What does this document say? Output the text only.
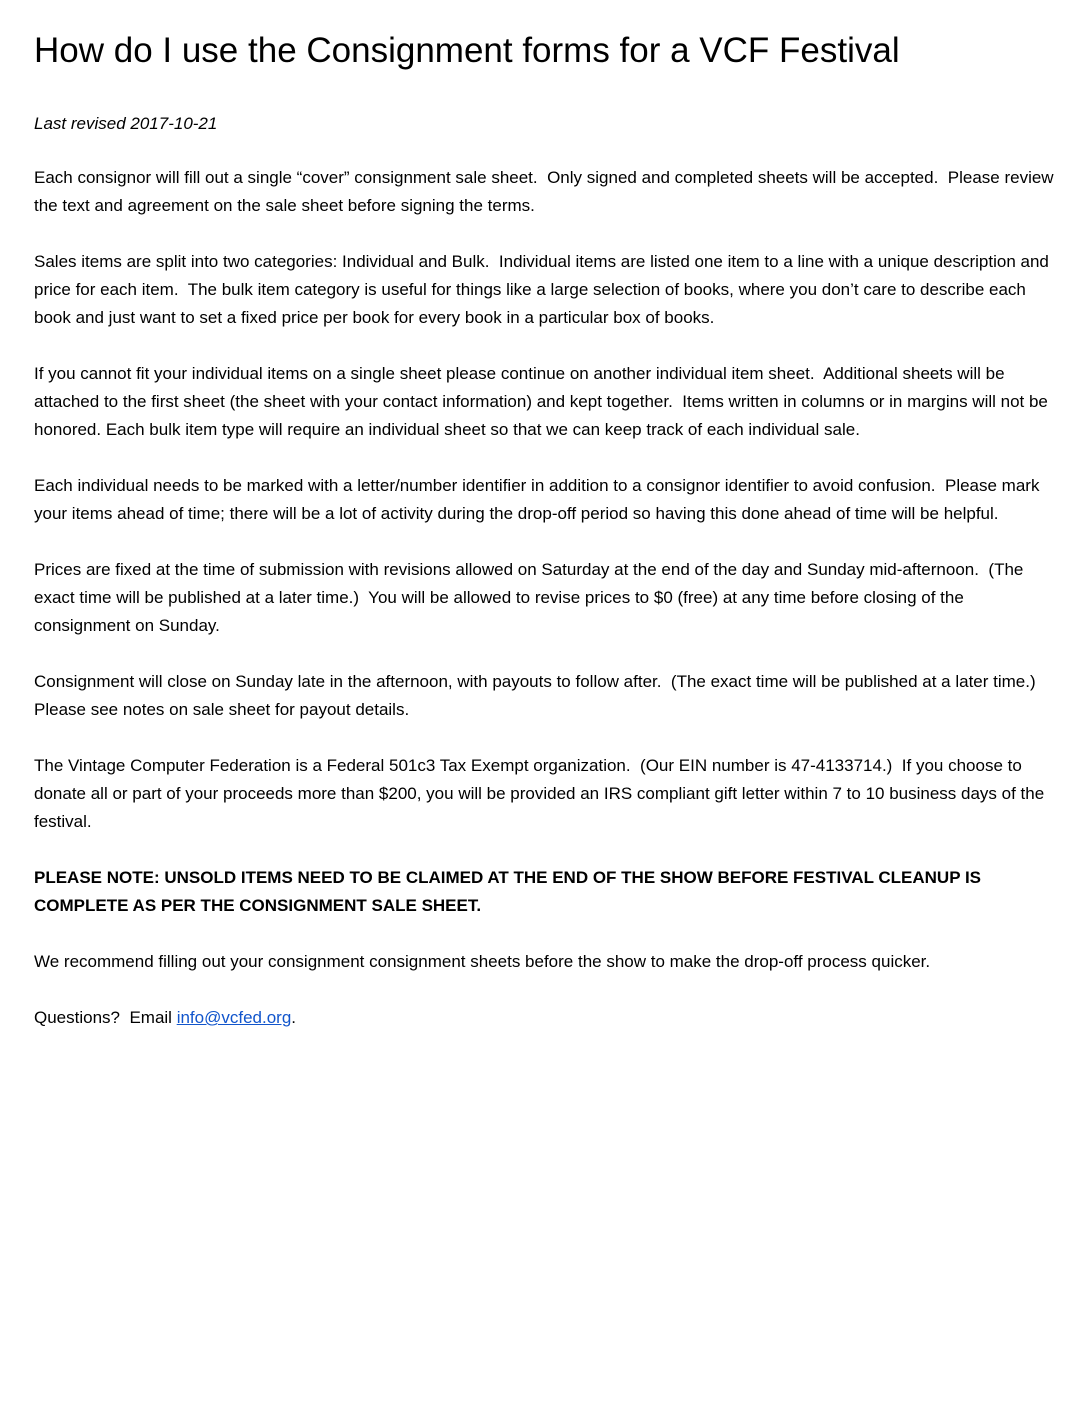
How do I use the Consignment forms for a VCF Festival

Last revised 2017-10-21

Each consignor will fill out a single “cover” consignment sale sheet.  Only signed and completed sheets will be accepted.  Please review the text and agreement on the sale sheet before signing the terms.

Sales items are split into two categories: Individual and Bulk.  Individual items are listed one item to a line with a unique description and price for each item.  The bulk item category is useful for things like a large selection of books, where you don’t care to describe each book and just want to set a fixed price per book for every book in a particular box of books.

If you cannot fit your individual items on a single sheet please continue on another individual item sheet.  Additional sheets will be attached to the first sheet (the sheet with your contact information) and kept together.  Items written in columns or in margins will not be honored. Each bulk item type will require an individual sheet so that we can keep track of each individual sale.

Each individual needs to be marked with a letter/number identifier in addition to a consignor identifier to avoid confusion.  Please mark your items ahead of time; there will be a lot of activity during the drop-off period so having this done ahead of time will be helpful.

Prices are fixed at the time of submission with revisions allowed on Saturday at the end of the day and Sunday mid-afternoon.  (The exact time will be published at a later time.)  You will be allowed to revise prices to $0 (free) at any time before closing of the consignment on Sunday.

Consignment will close on Sunday late in the afternoon, with payouts to follow after.  (The exact time will be published at a later time.)  Please see notes on sale sheet for payout details.

The Vintage Computer Federation is a Federal 501c3 Tax Exempt organization.  (Our EIN number is 47-4133714.)  If you choose to donate all or part of your proceeds more than $200, you will be provided an IRS compliant gift letter within 7 to 10 business days of the festival.

PLEASE NOTE: UNSOLD ITEMS NEED TO BE CLAIMED AT THE END OF THE SHOW BEFORE FESTIVAL CLEANUP IS COMPLETE AS PER THE CONSIGNMENT SALE SHEET.

We recommend filling out your consignment consignment sheets before the show to make the drop-off process quicker.

Questions?  Email info@vcfed.org.
